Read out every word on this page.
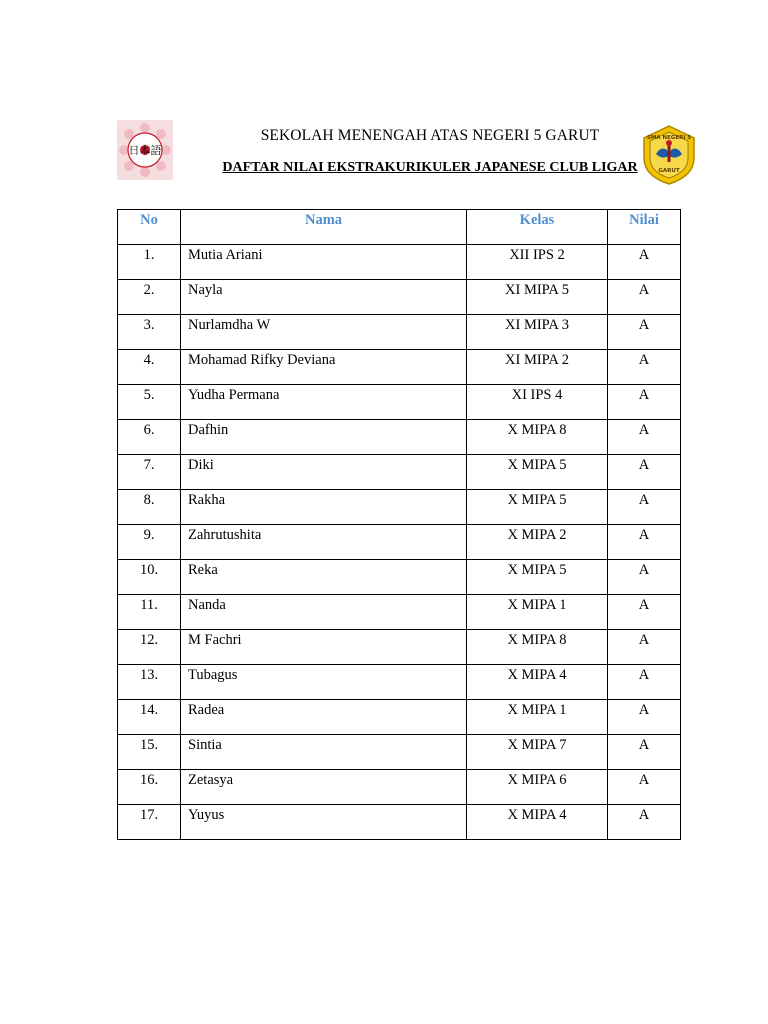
日本語
SMA NEGERI 5
GARUT
SEKOLAH MENENGAH ATAS NEGERI 5 GARUT
DAFTAR NILAI EKSTRAKURIKULER JAPANESE CLUB LIGAR
No	Nama	Kelas	Nilai
1.	Mutia Ariani	XII IPS 2	A
2.	Nayla	XI MIPA 5	A
3.	Nurlamdha W	XI MIPA 3	A
4.	Mohamad Rifky Deviana	XI MIPA 2	A
5.	Yudha Permana	XI IPS 4	A
6.	Dafhin	X MIPA 8	A
7.	Diki	X MIPA 5	A
8.	Rakha	X MIPA 5	A
9.	Zahrutushita	X MIPA 2	A
10.	Reka	X MIPA 5	A
11.	Nanda	X MIPA 1	A
12.	M Fachri	X MIPA 8	A
13.	Tubagus	X MIPA 4	A
14.	Radea	X MIPA 1	A
15.	Sintia	X MIPA 7	A
16.	Zetasya	X MIPA 6	A
17.	Yuyus	X MIPA 4	A
